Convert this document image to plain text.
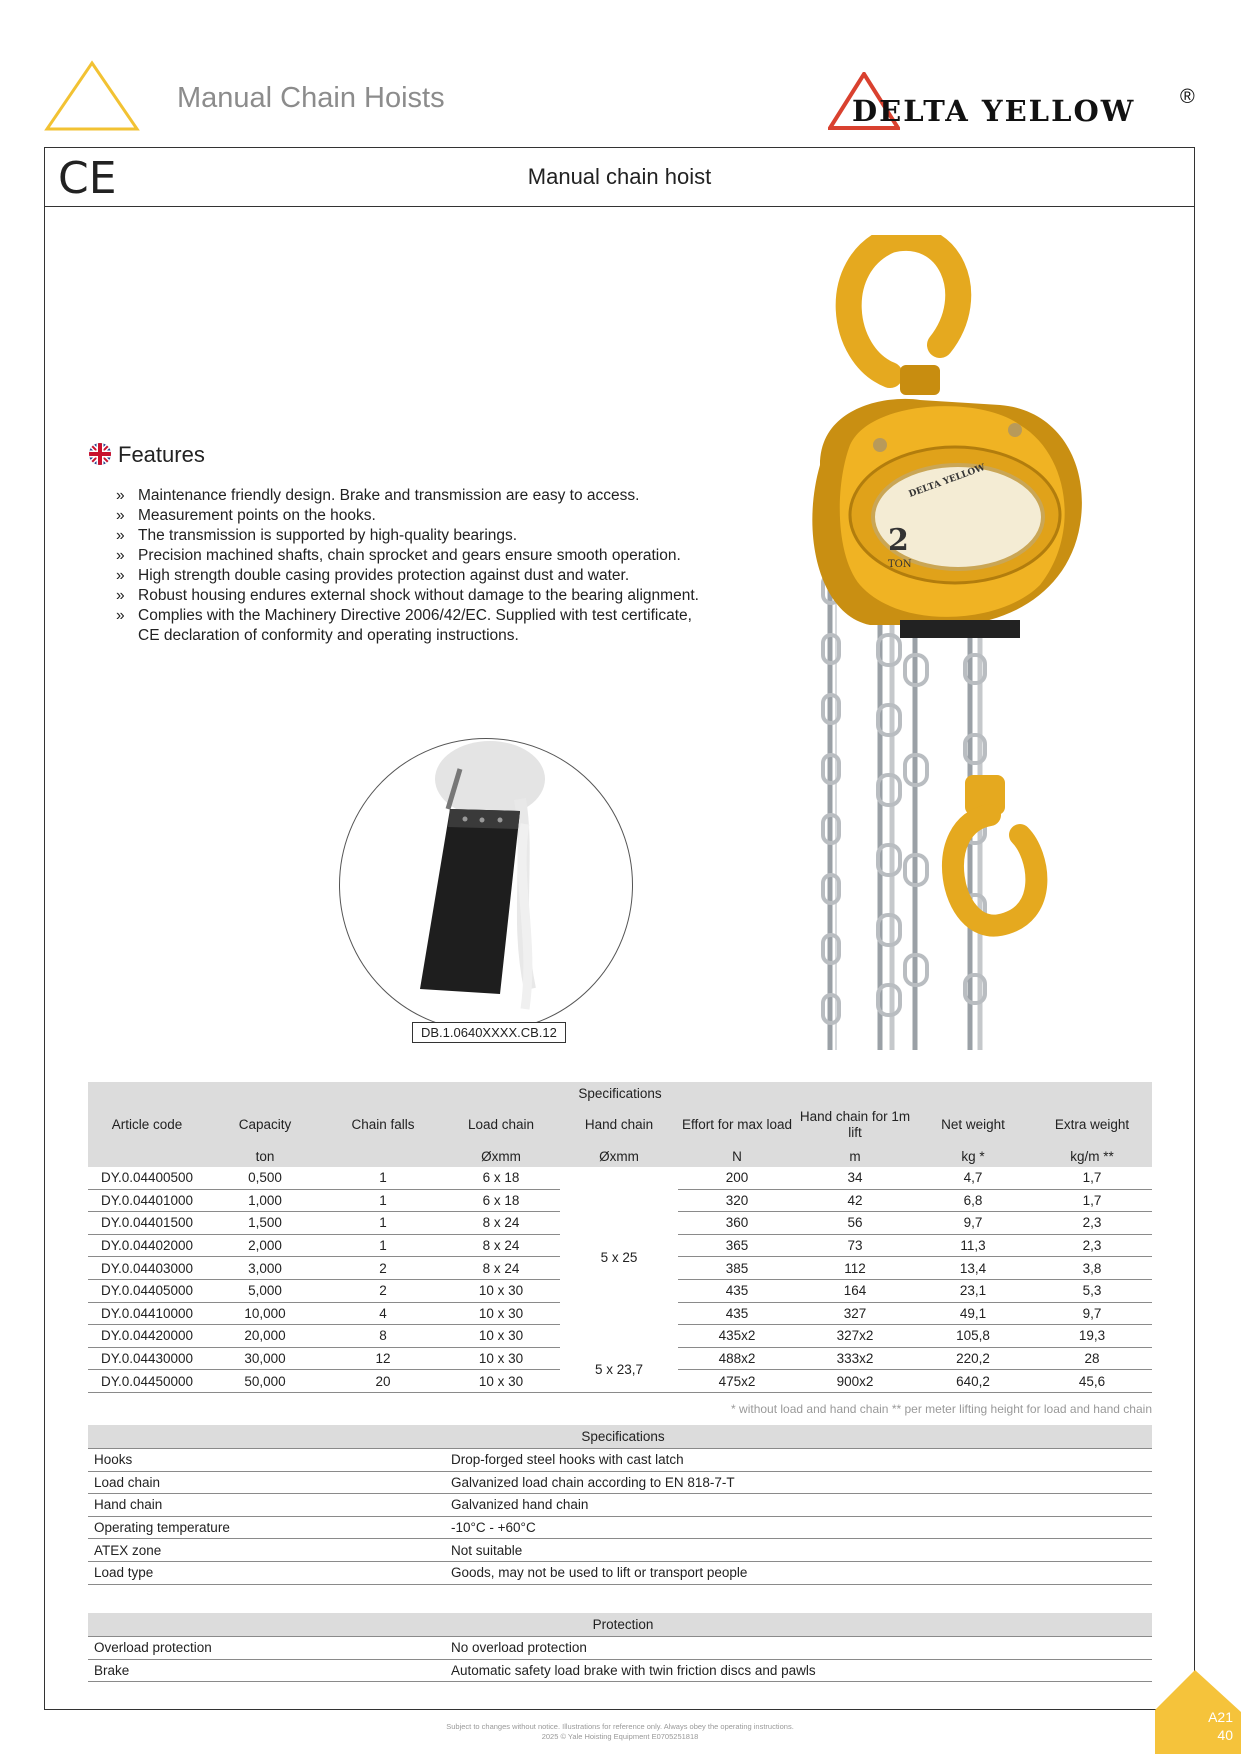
Manual Chain Hoists	DELTA YELLOW ®
CE	Manual chain hoist
Features
» Maintenance friendly design. Brake and transmission are easy to access.
» Measurement points on the hooks.
» The transmission is supported by high-quality bearings.
» Precision machined shafts, chain sprocket and gears ensure smooth operation.
» High strength double casing provides protection against dust and water.
» Robust housing endures external shock without damage to the bearing alignment.
» Complies with the Machinery Directive 2006/42/EC. Supplied with test certificate, CE declaration of conformity and operating instructions.
DB.1.0640XXXX.CB.12
2
TON
DELTA YELLOW
Specifications								
Article code	Capacity	Chain falls	Load chain	Hand chain	Effort for max load	Hand chain for 1m lift	Net weight	Extra weight
	ton		Øxmm	Øxmm	N	m	kg *	kg/m **
DY.0.04400500	0,500	1	6 x 18	5 x 25	200	34	4,7	1,7
DY.0.04401000	1,000	1	6 x 18		320	42	6,8	1,7
DY.0.04401500	1,500	1	8 x 24		360	56	9,7	2,3
DY.0.04402000	2,000	1	8 x 24		365	73	11,3	2,3
DY.0.04403000	3,000	2	8 x 24		385	112	13,4	3,8
DY.0.04405000	5,000	2	10 x 30		435	164	23,1	5,3
DY.0.04410000	10,000	4	10 x 30		435	327	49,1	9,7
DY.0.04420000	20,000	8	10 x 30		435x2	327x2	105,8	19,3
DY.0.04430000	30,000	12	10 x 30	5 x 23,7	488x2	333x2	220,2	28
DY.0.04450000	50,000	20	10 x 30		475x2	900x2	640,2	45,6
* without load and hand chain ** per meter lifting height for load and hand chain
Specifications	
Hooks	Drop-forged steel hooks with cast latch
Load chain	Galvanized load chain according to EN 818-7-T
Hand chain	Galvanized hand chain
Operating temperature	-10°C - +60°C
ATEX zone	Not suitable
Load type	Goods, may not be used to lift or transport people
Protection	
Overload protection	No overload protection
Brake	Automatic safety load brake with twin friction discs and pawls
Subject to changes without notice. Illustrations for reference only. Always obey the operating instructions.
2025 © Yale Hoisting Equipment E0705251818
A21
40
